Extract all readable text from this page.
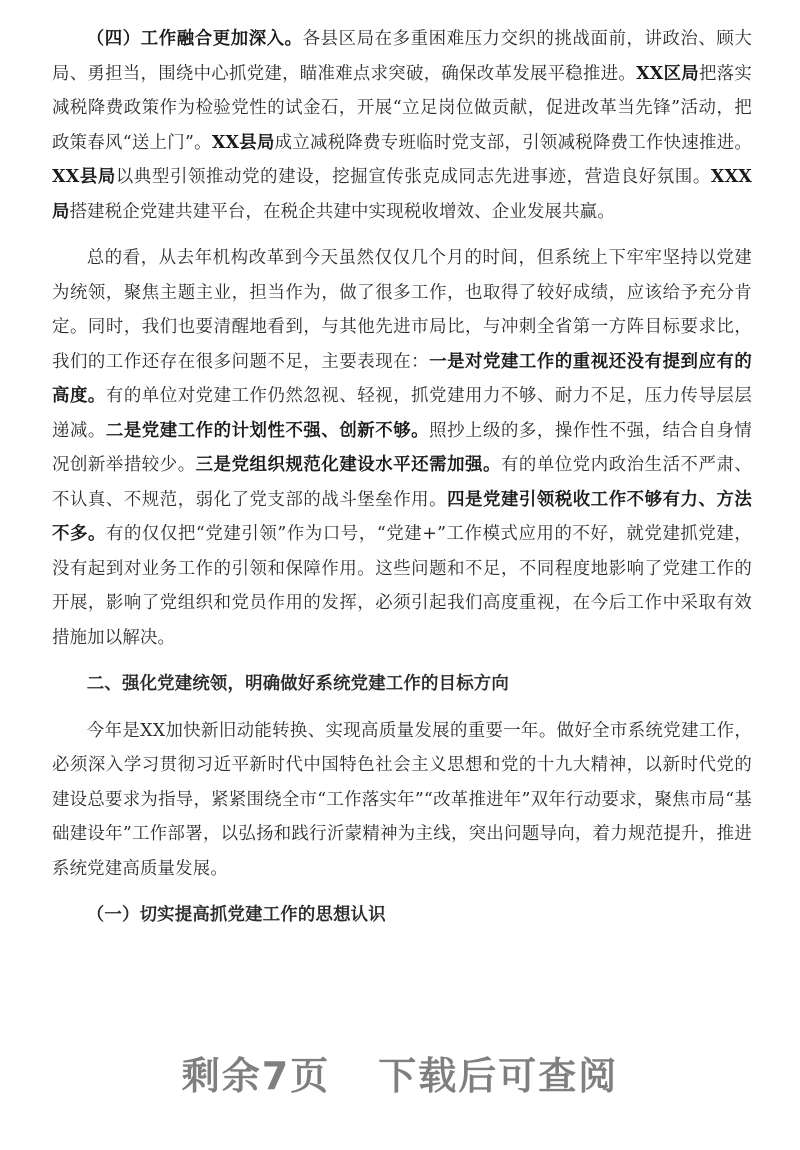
（四）工作融合更加深入。各县区局在多重困难压力交织的挑战面前，讲政治、顾大局、勇担当，围绕中心抓党建，瞄准难点求突破，确保改革发展平稳推进。XX区局把落实减税降费政策作为检验党性的试金石，开展“立足岗位做贡献，促进改革当先锋”活动，把政策春风“送上门”。XX县局成立减税降费专班临时党支部，引领减税降费工作快速推进。XX县局以典型引领推动党的建设，挖掘宣传张克成同志先进事迹，营造良好氛围。XXX局搭建税企党建共建平台，在税企共建中实现税收增效、企业发展共赢。

总的看，从去年机构改革到今天虽然仅仅几个月的时间，但系统上下牢牢坚持以党建为统领，聚焦主题主业，担当作为，做了很多工作，也取得了较好成绩，应该给予充分肯定。同时，我们也要清醒地看到，与其他先进市局比，与冲刺全省第一方阵目标要求比，我们的工作还存在很多问题不足，主要表现在：一是对党建工作的重视还没有提到应有的高度。有的单位对党建工作仍然忽视、轻视，抓党建用力不够、耐力不足，压力传导层层递减。二是党建工作的计划性不强、创新不够。照抄上级的多，操作性不强，结合自身情况创新举措较少。三是党组织规范化建设水平还需加强。有的单位党内政治生活不严肃、不认真、不规范，弱化了党支部的战斗堡垒作用。四是党建引领税收工作不够有力、方法不多。有的仅仅把“党建引领”作为口号，“党建+”工作模式应用的不好，就党建抓党建，没有起到对业务工作的引领和保障作用。这些问题和不足，不同程度地影响了党建工作的开展，影响了党组织和党员作用的发挥，必须引起我们高度重视，在今后工作中采取有效措施加以解决。

二、强化党建统领，明确做好系统党建工作的目标方向

今年是XX加快新旧动能转换、实现高质量发展的重要一年。做好全市系统党建工作，必须深入学习贯彻习近平新时代中国特色社会主义思想和党的十九大精神，以新时代党的建设总要求为指导，紧紧围绕全市“工作落实年”“改革推进年”双年行动要求，聚焦市局“基础建设年”工作部署，以弘扬和践行沂蒙精神为主线，突出问题导向，着力规范提升，推进系统党建高质量发展。

（一）切实提高抓党建工作的思想认识

剩余7页 下载后可查阅
